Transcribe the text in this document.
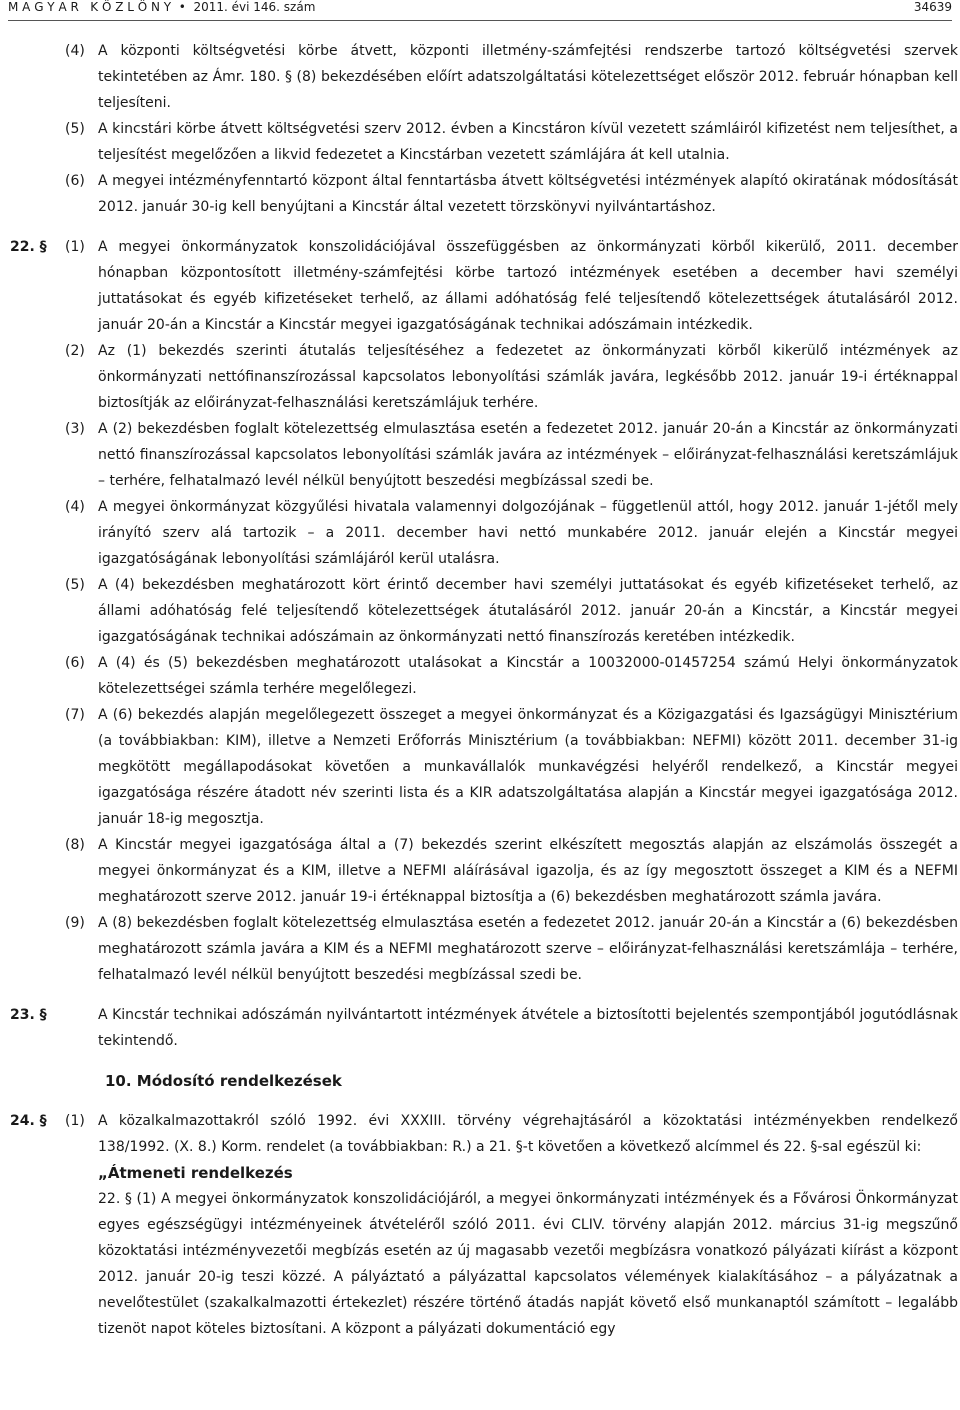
M A G Y A R   K Ö Z L Ö N Y  •  2011. évi 146. szám	34639
(4) A központi költségvetési körbe átvett, központi illetmény-számfejtési rendszerbe tartozó költségvetési szervek tekintetében az Ámr. 180. § (8) bekezdésében előírt adatszolgáltatási kötelezettséget először 2012. február hónapban kell teljesíteni.
(5) A kincstári körbe átvett költségvetési szerv 2012. évben a Kincstáron kívül vezetett számláiról kifizetést nem teljesíthet, a teljesítést megelőzően a likvid fedezetet a Kincstárban vezetett számlájára át kell utalnia.
(6) A megyei intézményfenntartó központ által fenntartásba átvett költségvetési intézmények alapító okiratának módosítását 2012. január 30-ig kell benyújtani a Kincstár által vezetett törzskönyvi nyilvántartáshoz.
22. § (1) A megyei önkormányzatok konszolidációjával összefüggésben az önkormányzati körből kikerülő, 2011. december hónapban központosított illetmény-számfejtési körbe tartozó intézmények esetében a december havi személyi juttatásokat és egyéb kifizetéseket terhelő, az állami adóhatóság felé teljesítendő kötelezettségek átutalásáról 2012. január 20-án a Kincstár a Kincstár megyei igazgatóságának technikai adószámain intézkedik.
(2) Az (1) bekezdés szerinti átutalás teljesítéséhez a fedezetet az önkormányzati körből kikerülő intézmények az önkormányzati nettófinanszírozással kapcsolatos lebonyolítási számlák javára, legkésőbb 2012. január 19-i értéknappal biztosítják az előirányzat-felhasználási keretszámlájuk terhére.
(3) A (2) bekezdésben foglalt kötelezettség elmulasztása esetén a fedezetet 2012. január 20-án a Kincstár az önkormányzati nettó finanszírozással kapcsolatos lebonyolítási számlák javára az intézmények – előirányzat-felhasználási keretszámlájuk – terhére, felhatalmazó levél nélkül benyújtott beszedési megbízással szedi be.
(4) A megyei önkormányzat közgyűlési hivatala valamennyi dolgozójának – függetlenül attól, hogy 2012. január 1-jétől mely irányító szerv alá tartozik – a 2011. december havi nettó munkabére 2012. január elején a Kincstár megyei igazgatóságának lebonyolítási számlájáról kerül utalásra.
(5) A (4) bekezdésben meghatározott kört érintő december havi személyi juttatásokat és egyéb kifizetéseket terhelő, az állami adóhatóság felé teljesítendő kötelezettségek átutalásáról 2012. január 20-án a Kincstár, a Kincstár megyei igazgatóságának technikai adószámain az önkormányzati nettó finanszírozás keretében intézkedik.
(6) A (4) és (5) bekezdésben meghatározott utalásokat a Kincstár a 10032000-01457254 számú Helyi önkormányzatok kötelezettségei számla terhére megelőlegezi.
(7) A (6) bekezdés alapján megelőlegezett összeget a megyei önkormányzat és a Közigazgatási és Igazságügyi Minisztérium (a továbbiakban: KIM), illetve a Nemzeti Erőforrás Minisztérium (a továbbiakban: NEFMI) között 2011. december 31-ig megkötött megállapodásokat követően a munkavállalók munkavégzési helyéről rendelkező, a Kincstár megyei igazgatósága részére átadott név szerinti lista és a KIR adatszolgáltatása alapján a Kincstár megyei igazgatósága 2012. január 18-ig megosztja.
(8) A Kincstár megyei igazgatósága által a (7) bekezdés szerint elkészített megosztás alapján az elszámolás összegét a megyei önkormányzat és a KIM, illetve a NEFMI aláírásával igazolja, és az így megosztott összeget a KIM és a NEFMI meghatározott szerve 2012. január 19-i értéknappal biztosítja a (6) bekezdésben meghatározott számla javára.
(9) A (8) bekezdésben foglalt kötelezettség elmulasztása esetén a fedezetet 2012. január 20-án a Kincstár a (6) bekezdésben meghatározott számla javára a KIM és a NEFMI meghatározott szerve – előirányzat-felhasználási keretszámlája – terhére, felhatalmazó levél nélkül benyújtott beszedési megbízással szedi be.
23. §	A Kincstár technikai adószámán nyilvántartott intézmények átvétele a biztosítotti bejelentés szempontjából jogutódlásnak tekintendő.
10. Módosító rendelkezések
24. § (1) A közalkalmazottakról szóló 1992. évi XXXIII. törvény végrehajtásáról a közoktatási intézményekben rendelkező 138/1992. (X. 8.) Korm. rendelet (a továbbiakban: R.) a 21. §-t követően a következő alcímmel és 22. §-sal egészül ki:
„Átmeneti rendelkezés
22. § (1) A megyei önkormányzatok konszolidációjáról, a megyei önkormányzati intézmények és a Fővárosi Önkormányzat egyes egészségügyi intézményeinek átvételéről szóló 2011. évi CLIV. törvény alapján 2012. március 31-ig megszűnő közoktatási intézményvezetői megbízás esetén az új magasabb vezetői megbízásra vonatkozó pályázati kiírást a központ 2012. január 20-ig teszi közzé. A pályáztató a pályázattal kapcsolatos vélemények kialakításához – a pályázatnak a nevelőtestület (szakalkalmazotti értekezlet) részére történő átadás napját követő első munkanaptól számított – legalább tizenöt napot köteles biztosítani. A központ a pályázati dokumentáció egy
